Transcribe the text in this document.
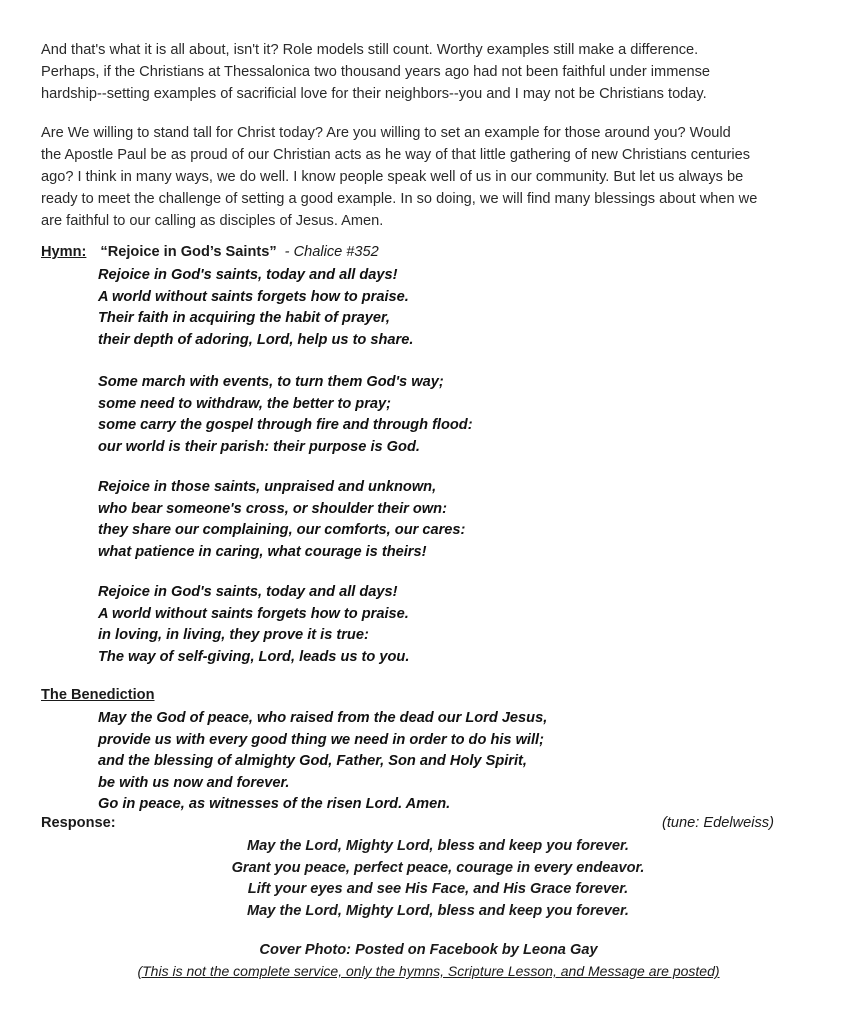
And that's what it is all about, isn't it? Role models still count. Worthy examples still make a difference.
Perhaps, if the Christians at Thessalonica two thousand years ago had not been faithful under immense
hardship--setting examples of sacrificial love for their neighbors--you and I may not be Christians today.
Are We willing to stand tall for Christ today? Are you willing to set an example for those around you? Would
the Apostle Paul be as proud of our Christian acts as he way of that little gathering of new Christians centuries
ago? I think in many ways, we do well. I know people speak well of us in our community. But let us always be
ready to meet the challenge of setting a good example. In so doing, we will find many blessings about when we
are faithful to our calling as disciples of Jesus. Amen.
Hymn: “Rejoice in God’s Saints” - Chalice #352
Rejoice in God's saints, today and all days!
A world without saints forgets how to praise.
Their faith in acquiring the habit of prayer,
their depth of adoring, Lord, help us to share.
Some march with events, to turn them God's way;
some need to withdraw, the better to pray;
some carry the gospel through fire and through flood:
our world is their parish: their purpose is God.
Rejoice in those saints, unpraised and unknown,
who bear someone's cross, or shoulder their own:
they share our complaining, our comforts, our cares:
what patience in caring, what courage is theirs!
Rejoice in God's saints, today and all days!
A world without saints forgets how to praise.
in loving, in living, they prove it is true:
The way of self-giving, Lord, leads us to you.
The Benediction
May the God of peace, who raised from the dead our Lord Jesus,
provide us with every good thing we need in order to do his will;
and the blessing of almighty God, Father, Son and Holy Spirit,
be with us now and forever.
Go in peace, as witnesses of the risen Lord. Amen.
Response:	(tune: Edelweiss)
May the Lord, Mighty Lord, bless and keep you forever.
Grant you peace, perfect peace, courage in every endeavor.
Lift your eyes and see His Face, and His Grace forever.
May the Lord, Mighty Lord, bless and keep you forever.
Cover Photo: Posted on Facebook by Leona Gay
(This is not the complete service, only the hymns, Scripture Lesson, and Message are posted)
